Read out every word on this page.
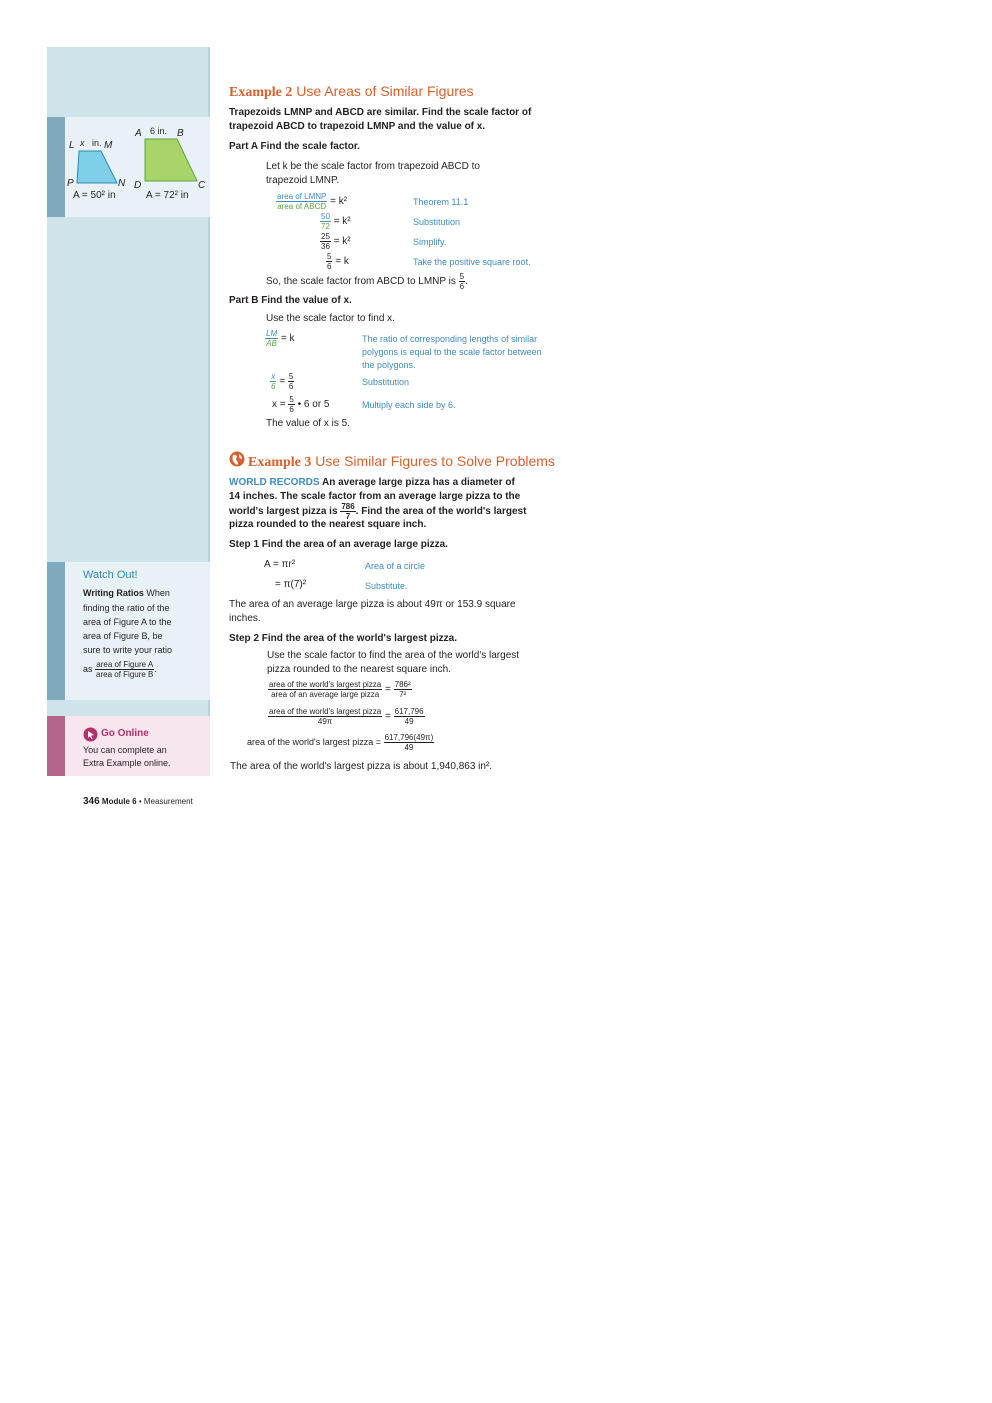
L x in. M
P	N
A 6 in. B
D	C
A = 50² in	A = 72² in
Watch Out!
Writing Ratios When
finding the ratio of the
area of Figure A to the
area of Figure B, be
sure to write your ratio
as $\frac{\text{area of Figure A}}{\text{area of Figure B}}$ .
Go Online
You can complete an
Extra Example online.
Example 2 Use Areas of Similar Figures
Trapezoids LMNP and ABCD are similar. Find the scale factor of
trapezoid ABCD to trapezoid LMNP and the value of x.
Part A Find the scale factor.
Let k be the scale factor from trapezoid ABCD to
trapezoid LMNP.
$\frac{\text{area of LMNP}}{\text{area of ABCD}} = k^2$	Theorem 11.1
$\frac{50}{72} = k^2$	Substitution
$\frac{25}{36} = k^2$	Simplify.
$\frac{5}{6} = k$	Take the positive square root.
So, the scale factor from ABCD to LMNP is $\frac{5}{6}$ .
Part B Find the value of x.
Use the scale factor to find x.
$\frac{LM}{AB} = k$	The ratio of corresponding lengths of similar
polygons is equal to the scale factor between
the polygons.
$\frac{x}{6} = \frac{5}{6}$	Substitution
$x = \frac{5}{6}$ • 6 or 5	Multiply each side by 6.
The value of x is 5.
Example 3 Use Similar Figures to Solve Problems
WORLD RECORDS An average large pizza has a diameter of
14 inches. The scale factor from an average large pizza to the
world's largest pizza is $\frac{786}{7}$ . Find the area of the world's largest
pizza rounded to the nearest square inch.
Step 1 Find the area of an average large pizza.
A = πr²	Area of a circle
= π(7)²	Substitute.
The area of an average large pizza is about 49π or 153.9 square
inches.
Step 2 Find the area of the world's largest pizza.
Use the scale factor to find the area of the world's largest
pizza rounded to the nearest square inch.
$\frac{\text{area of the world's largest pizza}}{\text{area of an average large pizza}} = \frac{\text{786²}}{\text{7²}}$
$\frac{\text{area of the world's largest pizza}}{49\pi} = \frac{617,796}{49}$
area of the world's largest pizza = $\frac{617,796(49\pi)}{49}$
The area of the world's largest pizza is about 1,940,863 in².
346 Module 6 • Measurement
